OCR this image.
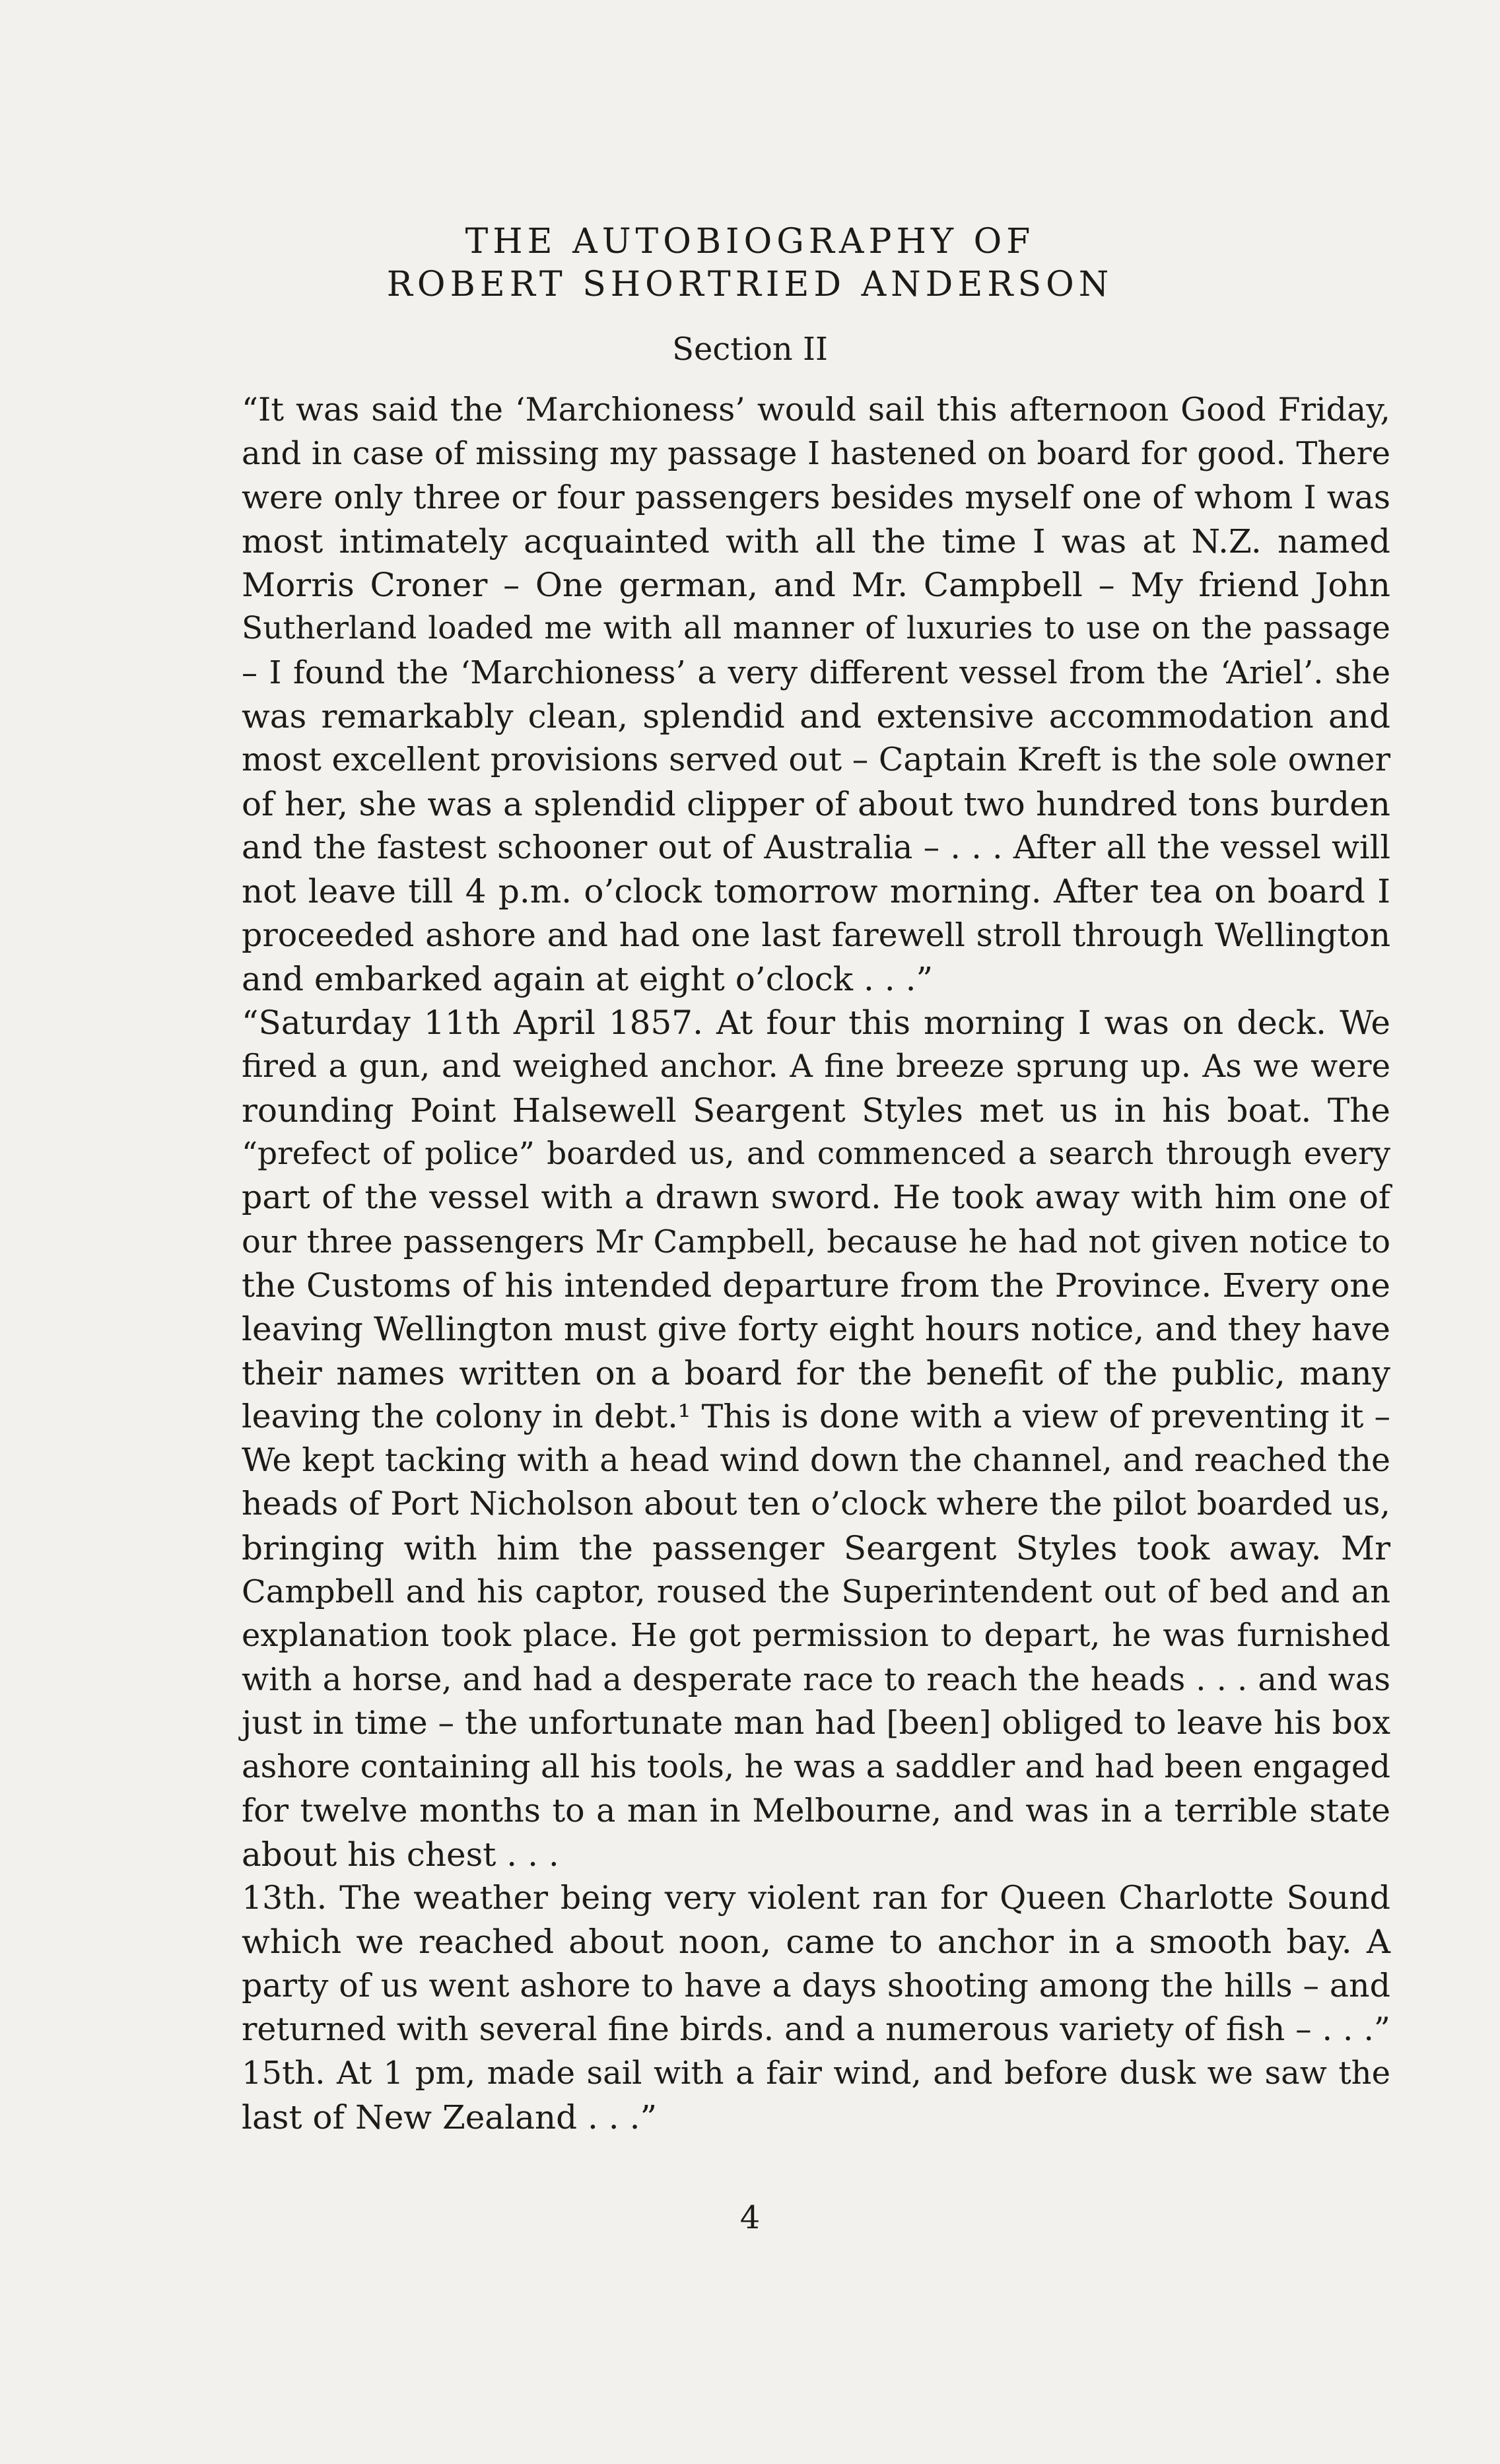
THE AUTOBIOGRAPHY OF
ROBERT SHORTRIED ANDERSON
Section II
“It was said the ‘Marchioness’ would sail this afternoon Good Friday,
and in case of missing my passage I hastened on board for good. There
were only three or four passengers besides myself one of whom I was
most intimately acquainted with all the time I was at N.Z. named
Morris Croner – One german, and Mr. Campbell – My friend John
Sutherland loaded me with all manner of luxuries to use on the passage
– I found the ‘Marchioness’ a very different vessel from the ‘Ariel’. she
was remarkably clean, splendid and extensive accommodation and
most excellent provisions served out – Captain Kreft is the sole owner
of her, she was a splendid clipper of about two hundred tons burden
and the fastest schooner out of Australia – . . . After all the vessel will
not leave till 4 p.m. o’clock tomorrow morning. After tea on board I
proceeded ashore and had one last farewell stroll through Wellington
and embarked again at eight o’clock . . .”
“Saturday 11th April 1857. At four this morning I was on deck. We
fired a gun, and weighed anchor. A fine breeze sprung up. As we were
rounding Point Halsewell Seargent Styles met us in his boat. The
“prefect of police” boarded us, and commenced a search through every
part of the vessel with a drawn sword. He took away with him one of
our three passengers Mr Campbell, because he had not given notice to
the Customs of his intended departure from the Province. Every one
leaving Wellington must give forty eight hours notice, and they have
their names written on a board for the benefit of the public, many
leaving the colony in debt.¹ This is done with a view of preventing it –
We kept tacking with a head wind down the channel, and reached the
heads of Port Nicholson about ten o’clock where the pilot boarded us,
bringing with him the passenger Seargent Styles took away. Mr
Campbell and his captor, roused the Superintendent out of bed and an
explanation took place. He got permission to depart, he was furnished
with a horse, and had a desperate race to reach the heads . . . and was
just in time – the unfortunate man had [been] obliged to leave his box
ashore containing all his tools, he was a saddler and had been engaged
for twelve months to a man in Melbourne, and was in a terrible state
about his chest . . .
13th. The weather being very violent ran for Queen Charlotte Sound
which we reached about noon, came to anchor in a smooth bay. A
party of us went ashore to have a days shooting among the hills – and
returned with several fine birds. and a numerous variety of fish – . . .”
15th. At 1 pm, made sail with a fair wind, and before dusk we saw the
last of New Zealand . . .”
4
